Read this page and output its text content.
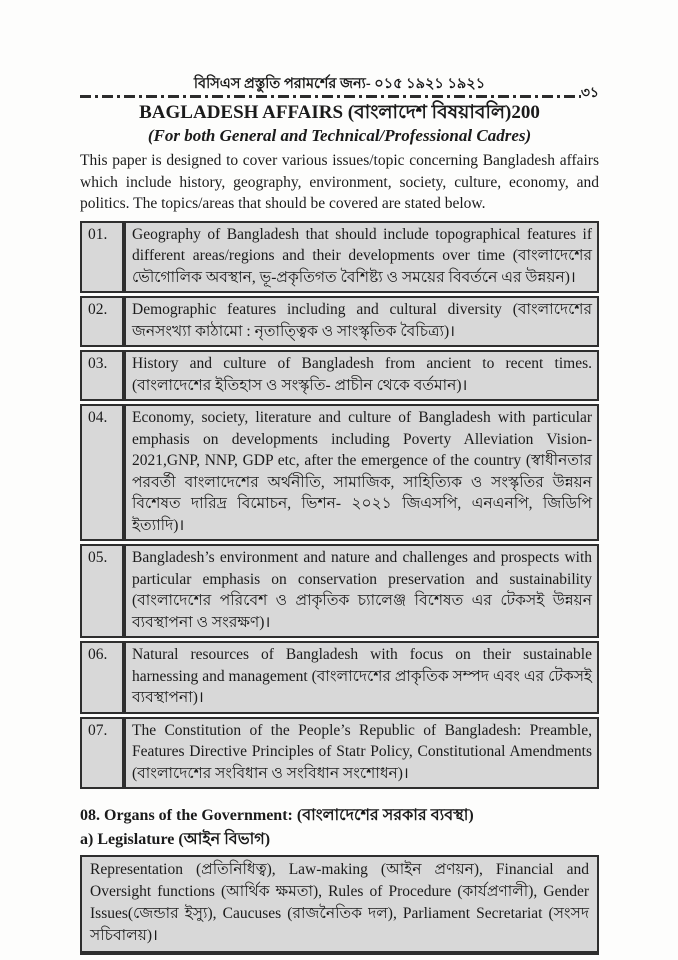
বিসিএস প্রস্তুতি পরামর্শের জন্য- ০১৫ ১৯২১ ১৯২১
৩১
BAGLADESH AFFAIRS (বাংলাদেশ বিষয়াবলি)200
(For both General and Technical/Professional Cadres)

This paper is designed to cover various issues/topic concerning Bangladesh affairs which include history, geography, environment, society, culture, economy, and politics. The topics/areas that should be covered are stated below.

01.	Geography of Bangladesh that should include topographical features if different areas/regions and their developments over time (বাংলাদেশের ভৌগোলিক অবস্থান, ভূ-প্রকৃতিগত বৈশিষ্ট্য ও সময়ের বিবর্তনে এর উন্নয়ন)।
02.	Demographic features including and cultural diversity (বাংলাদেশের জনসংখ্যা কাঠামো : নৃতাত্ত্বিক ও সাংস্কৃতিক বৈচিত্র্য)।
03.	History and culture of Bangladesh from ancient to recent times. (বাংলাদেশের ইতিহাস ও সংস্কৃতি- প্রাচীন থেকে বর্তমান)।
04.	Economy, society, literature and culture of Bangladesh with particular emphasis on developments including Poverty Alleviation Vision-2021,GNP, NNP, GDP etc, after the emergence of the country (স্বাধীনতার পরবর্তী বাংলাদেশের অর্থনীতি, সামাজিক, সাহিত্যিক ও সংস্কৃতির উন্নয়ন বিশেষত দারিদ্র বিমোচন, ভিশন- ২০২১ জিএসপি, এনএনপি, জিডিপি ইত্যাদি)।
05.	Bangladesh’s environment and nature and challenges and prospects with particular emphasis on conservation preservation and sustainability (বাংলাদেশের পরিবেশ ও প্রাকৃতিক চ্যালেঞ্জ বিশেষত এর টেকসই উন্নয়ন ব্যবস্থাপনা ও সংরক্ষণ)।
06.	Natural resources of Bangladesh with focus on their sustainable harnessing and management (বাংলাদেশের প্রাকৃতিক সম্পদ এবং এর টেকসই ব্যবস্থাপনা)।
07.	The Constitution of the People’s Republic of Bangladesh: Preamble, Features Directive Principles of Statr Policy, Constitutional Amendments (বাংলাদেশের সংবিধান ও সংবিধান সংশোধন)।
08. Organs of the Government: (বাংলাদেশের সরকার ব্যবস্থা)
a) Legislature (আইন বিভাগ)
Representation (প্রতিনিধিত্ব), Law-making (আইন প্রণয়ন), Financial and Oversight functions (আর্থিক ক্ষমতা), Rules of Procedure (কার্যপ্রণালী), Gender Issues(জেন্ডার ইস্যু), Caucuses (রাজনৈতিক দল), Parliament Secretariat (সংসদ সচিবালয়)।
